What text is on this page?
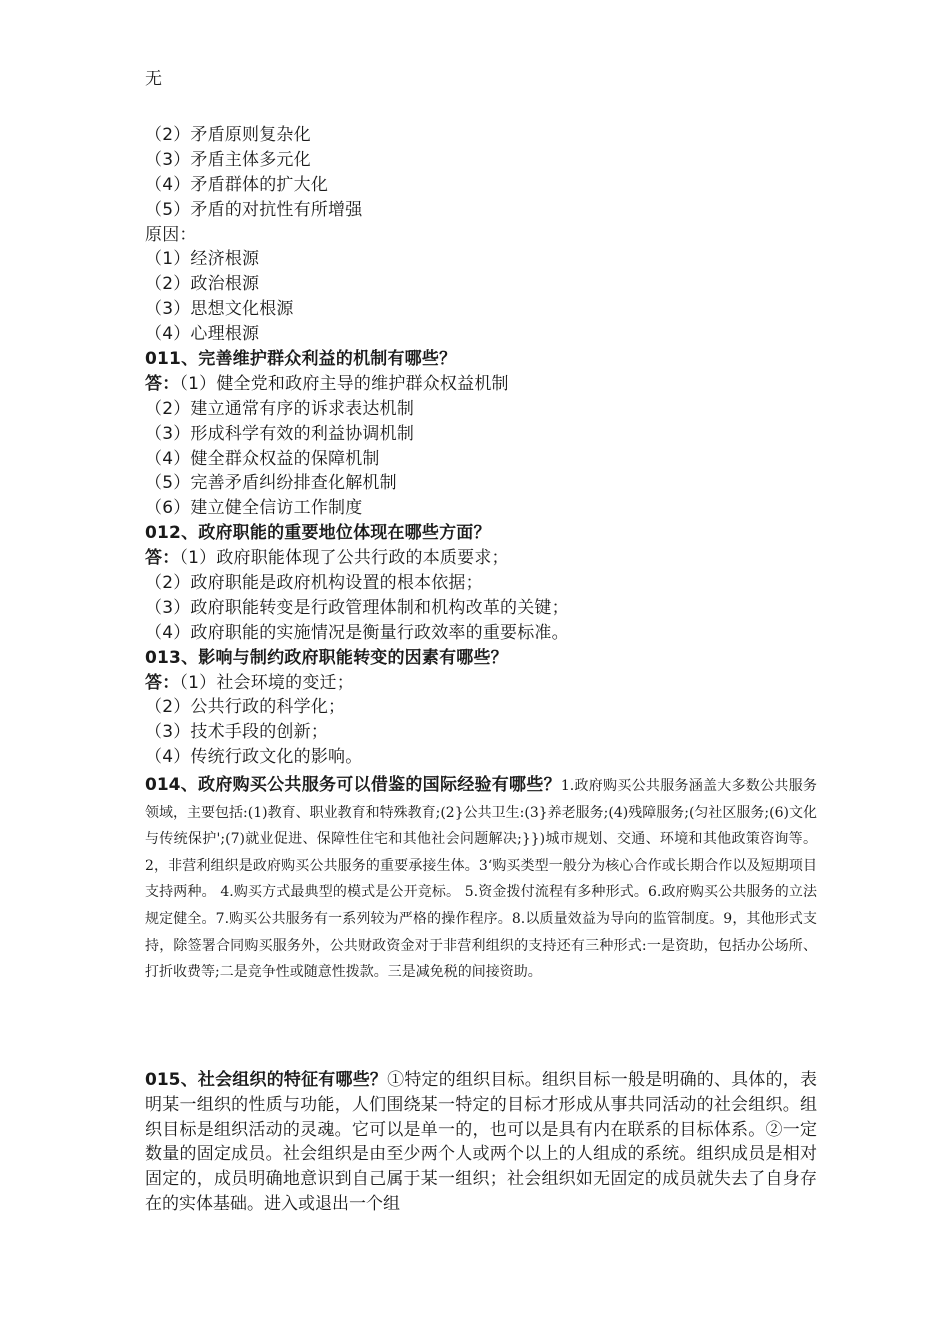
无
（2）矛盾原则复杂化
（3）矛盾主体多元化
（4）矛盾群体的扩大化
（5）矛盾的对抗性有所增强
原因：
（1）经济根源
（2）政治根源
（3）思想文化根源
（4）心理根源
011、完善维护群众利益的机制有哪些？
答：（1）健全党和政府主导的维护群众权益机制
（2）建立通常有序的诉求表达机制
（3）形成科学有效的利益协调机制
（4）健全群众权益的保障机制
（5）完善矛盾纠纷排查化解机制
（6）建立健全信访工作制度
012、政府职能的重要地位体现在哪些方面？
答：（1）政府职能体现了公共行政的本质要求；
（2）政府职能是政府机构设置的根本依据；
（3）政府职能转变是行政管理体制和机构改革的关键；
（4）政府职能的实施情况是衡量行政效率的重要标准。
013、影响与制约政府职能转变的因素有哪些？
答：（1）社会环境的变迁；
（2）公共行政的科学化；
（3）技术手段的创新；
（4）传统行政文化的影响。
014、政府购买公共服务可以借鉴的国际经验有哪些？1.政府购买公共服务涵盖大多数公共服务领域，主要包括:(1)教育、职业教育和特殊教育;(2}公共卫生:(3}养老服务;(4)残障服务;(匀社区服务;(6)文化与传统保护';(7)就业促进、保障性住宅和其他社会问题解决;}})城市规划、交通、环境和其他政策咨询等。2，非营利组织是政府购买公共服务的重要承接生体。3‘购买类型一般分为核心合作或长期合作以及短期项目支持两种。 4.购买方式最典型的模式是公开竞标。 5.资金拨付流程有多种形式。6.政府购买公共服务的立法规定健全。7.购买公共服务有一系列较为严格的操作程序。8.以质量效益为导向的监管制度。9，其他形式支持，除签署合同购买服务外，公共财政资金对于非营利组织的支持还有三种形式:一是资助，包括办公场所、打折收费等;二是竞争性或随意性拨款。三是减免税的间接资助。
015、社会组织的特征有哪些？①特定的组织目标。组织目标一般是明确的、具体的，表明某一组织的性质与功能，人们围绕某一特定的目标才形成从事共同活动的社会组织。组织目标是组织活动的灵魂。它可以是单一的，也可以是具有内在联系的目标体系。②一定数量的固定成员。社会组织是由至少两个人或两个以上的人组成的系统。组织成员是相对固定的，成员明确地意识到自己属于某一组织；社会组织如无固定的成员就失去了自身存在的实体基础。进入或退出一个组
